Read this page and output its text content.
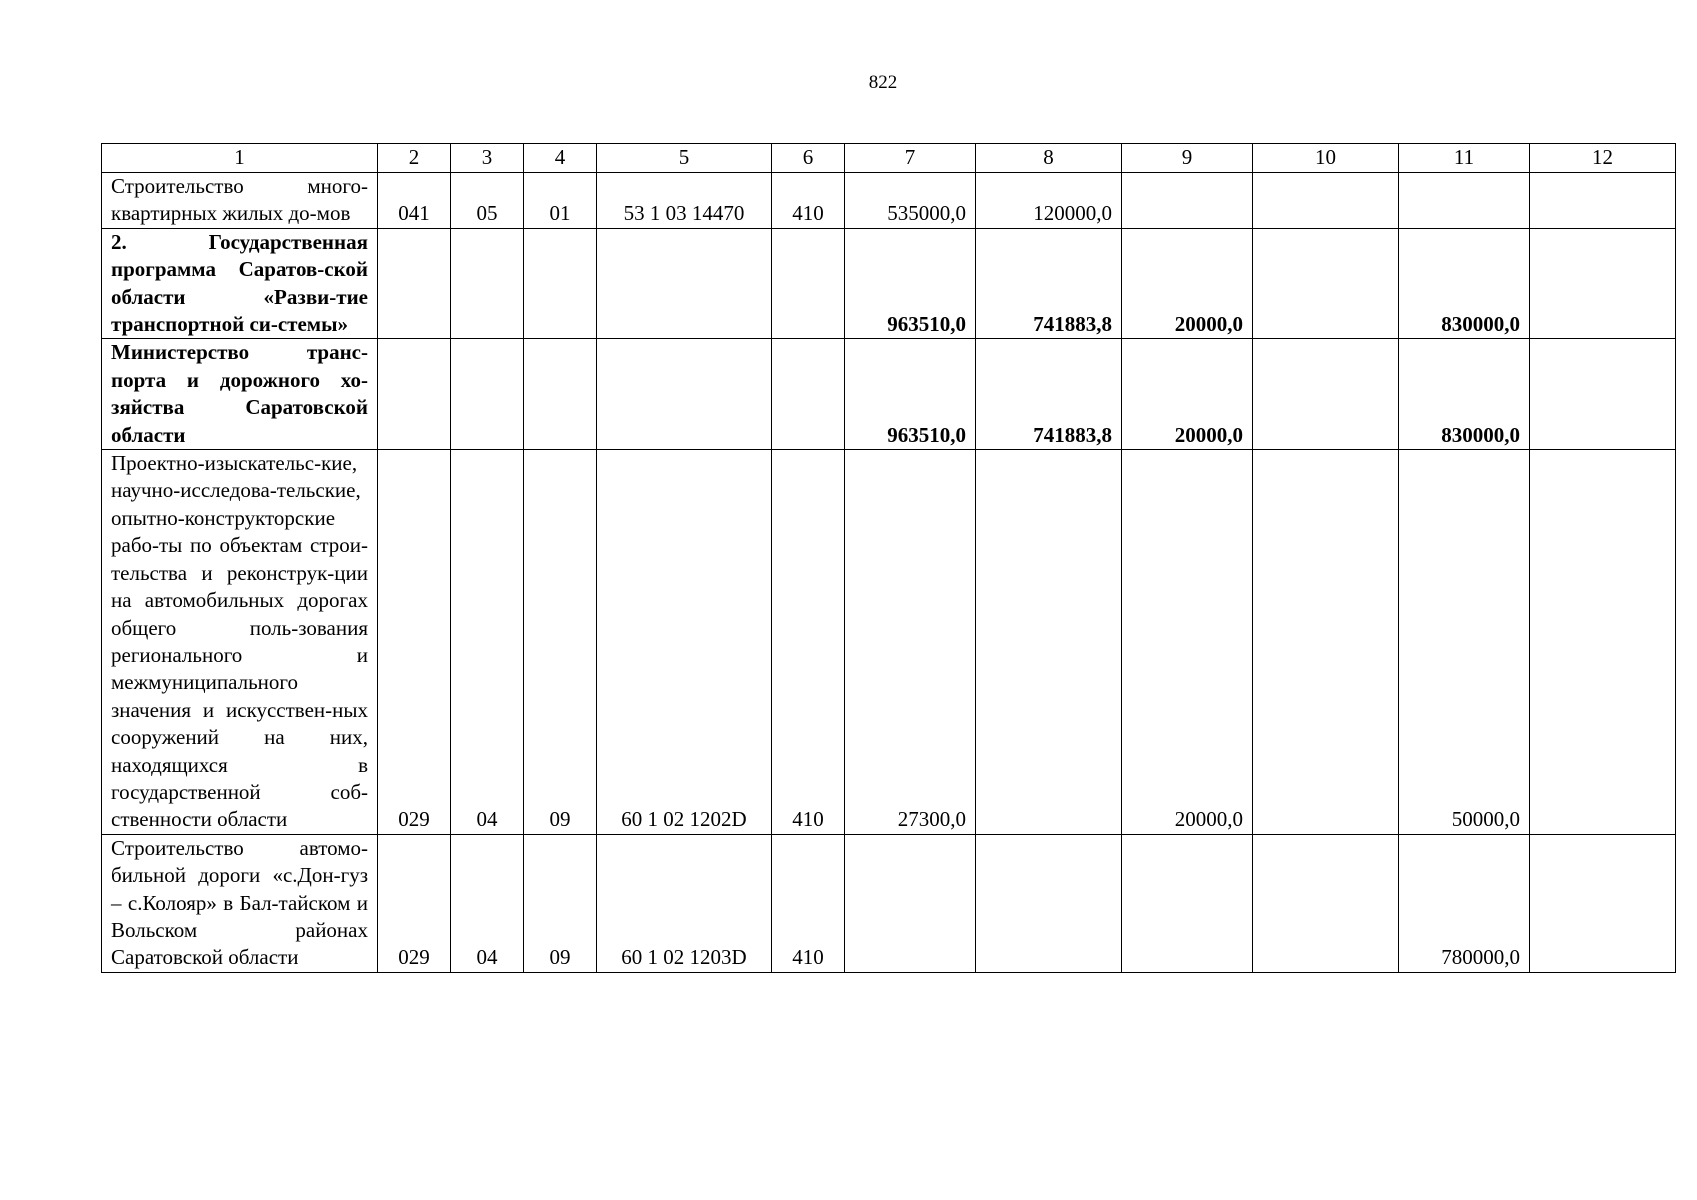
822
1	2	3	4	5	6	7	8	9	10	11	12
Строительство много-квартирных жилых до-мов	041	05	01	53 1 03 14470	410	535000,0	120000,0				
2. Государственная программа Саратов-ской области «Разви-тие транспортной си-стемы»						963510,0	741883,8	20000,0		830000,0	
Министерство транс-порта и дорожного хо-зяйства Саратовской области						963510,0	741883,8	20000,0		830000,0	
Проектно-изыскательс-кие, научно-исследова-тельские, опытно-конструкторские рабо-ты по объектам строи-тельства и реконструк-ции на автомобильных дорогах общего поль-зования регионального и межмуниципального значения и искусствен-ных сооружений на них, находящихся в государственной соб-ственности области	029	04	09	60 1 02 1202D	410	27300,0		20000,0		50000,0	
Строительство автомо-бильной дороги «с.Дон-гуз – с.Колояр» в Бал-тайском и Вольском районах Саратовской области	029	04	09	60 1 02 1203D	410					780000,0	
